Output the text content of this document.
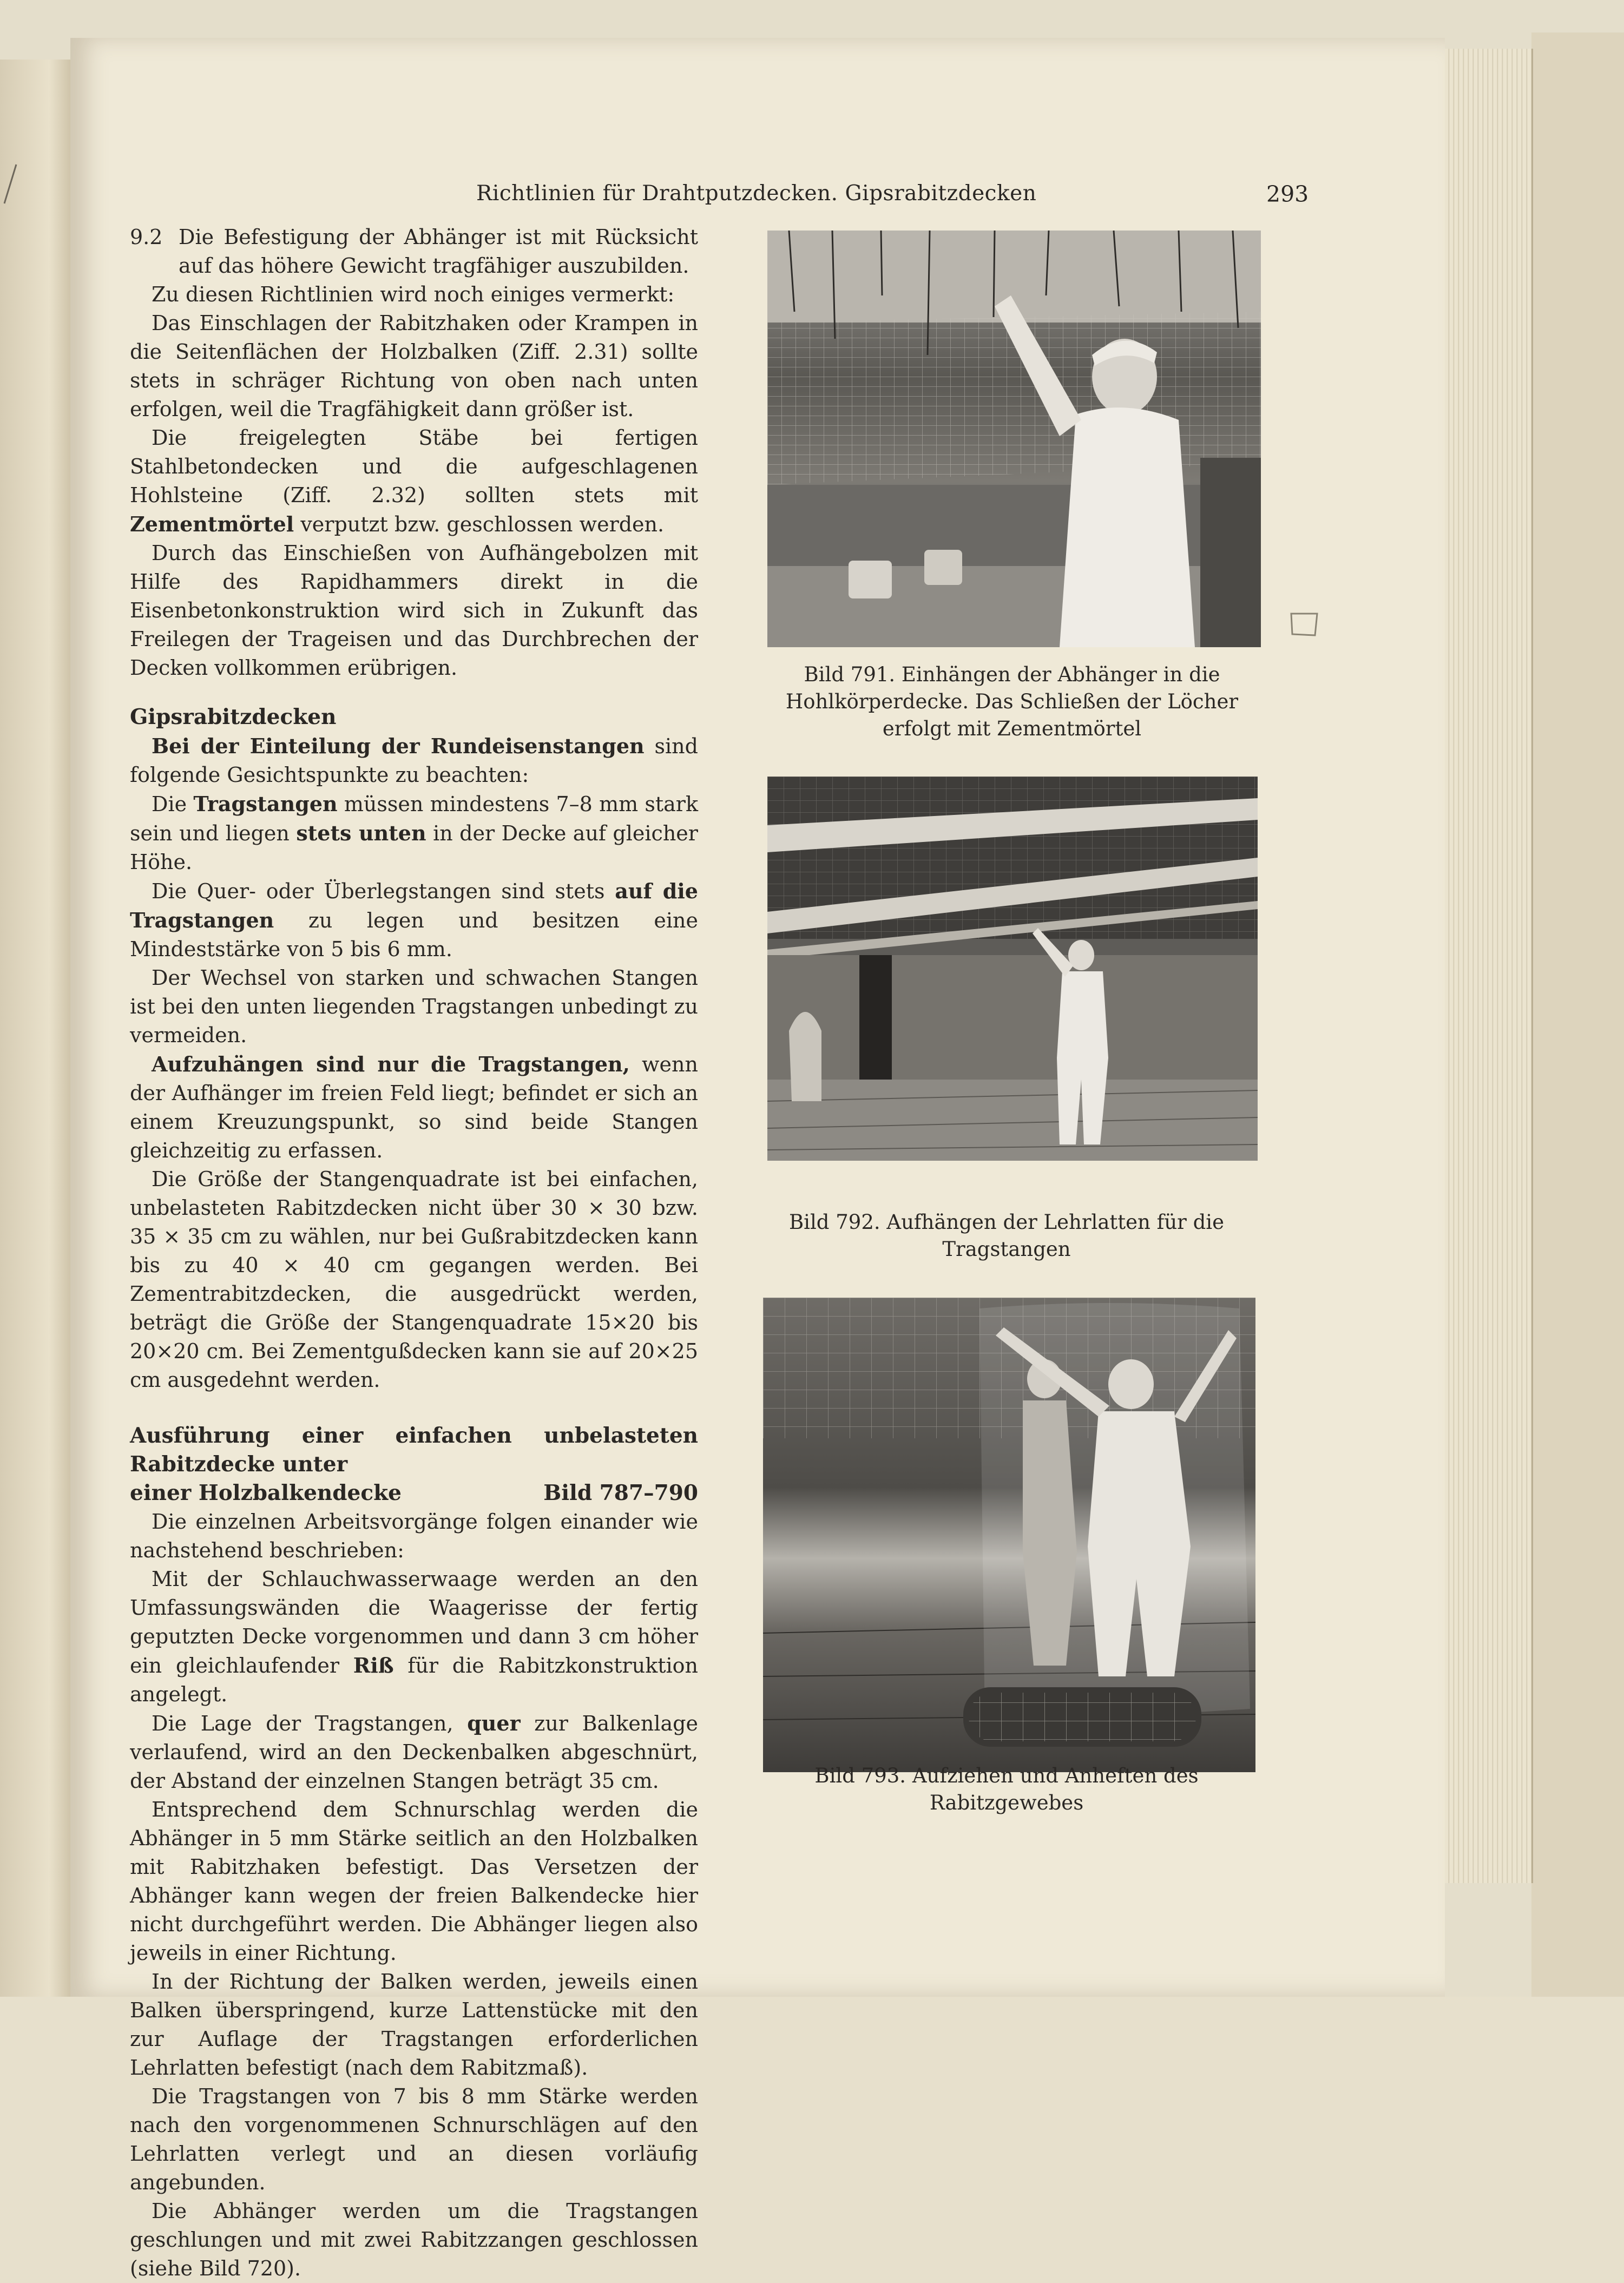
Richtlinien für Drahtputzdecken. Gipsrabitzdecken	293

9.2 Die Befestigung der Abhänger ist mit Rücksicht auf das höhere Gewicht tragfähiger auszubilden.

Zu diesen Richtlinien wird noch einiges vermerkt:

Das Einschlagen der Rabitzhaken oder Krampen in die Seitenflächen der Holzbalken (Ziff. 2.31) sollte stets in schräger Richtung von oben nach unten erfolgen, weil die Tragfähigkeit dann größer ist.

Die freigelegten Stäbe bei fertigen Stahlbetondecken und die aufgeschlagenen Hohlsteine (Ziff. 2.32) sollten stets mit Zementmörtel verputzt bzw. geschlossen werden.

Durch das Einschießen von Aufhängebolzen mit Hilfe des Rapidhammers direkt in die Eisenbetonkonstruktion wird sich in Zukunft das Freilegen der Trageisen und das Durchbrechen der Decken vollkommen erübrigen.

Gipsrabitzdecken

Bei der Einteilung der Rundeisenstangen sind folgende Gesichtspunkte zu beachten:

Die Tragstangen müssen mindestens 7–8 mm stark sein und liegen stets unten in der Decke auf gleicher Höhe.

Die Quer- oder Überlegstangen sind stets auf die Tragstangen zu legen und besitzen eine Mindeststärke von 5 bis 6 mm.

Der Wechsel von starken und schwachen Stangen ist bei den unten liegenden Tragstangen unbedingt zu vermeiden.

Aufzuhängen sind nur die Tragstangen, wenn der Aufhänger im freien Feld liegt; befindet er sich an einem Kreuzungspunkt, so sind beide Stangen gleichzeitig zu erfassen.

Die Größe der Stangenquadrate ist bei einfachen, unbelasteten Rabitzdecken nicht über 30 × 30 bzw. 35 × 35 cm zu wählen, nur bei Gußrabitzdecken kann bis zu 40 × 40 cm gegangen werden. Bei Zementrabitzdecken, die ausgedrückt werden, beträgt die Größe der Stangenquadrate 15×20 bis 20×20 cm. Bei Zementgußdecken kann sie auf 20×25 cm ausgedehnt werden.

Ausführung einer einfachen unbelasteten Rabitzdecke unter
einer Holzbalkendecke	Bild 787–790

Die einzelnen Arbeitsvorgänge folgen einander wie nachstehend beschrieben:

Mit der Schlauchwasserwaage werden an den Umfassungswänden die Waagerisse der fertig geputzten Decke vorgenommen und dann 3 cm höher ein gleichlaufender Riß für die Rabitzkonstruktion angelegt.

Die Lage der Tragstangen, quer zur Balkenlage verlaufend, wird an den Deckenbalken abgeschnürt, der Abstand der einzelnen Stangen beträgt 35 cm.

Entsprechend dem Schnurschlag werden die Abhänger in 5 mm Stärke seitlich an den Holzbalken mit Rabitzhaken befestigt. Das Versetzen der Abhänger kann wegen der freien Balkendecke hier nicht durchgeführt werden. Die Abhänger liegen also jeweils in einer Richtung.

In der Richtung der Balken werden, jeweils einen Balken überspringend, kurze Lattenstücke mit den zur Auflage der Tragstangen erforderlichen Lehrlatten befestigt (nach dem Rabitzmaß).

Die Tragstangen von 7 bis 8 mm Stärke werden nach den vorgenommenen Schnurschlägen auf den Lehrlatten verlegt und an diesen vorläufig angebunden.

Die Abhänger werden um die Tragstangen geschlungen und mit zwei Rabitzzangen geschlossen (siehe Bild 720).

Bild 791. Einhängen der Abhänger in die Hohlkörperdecke. Das Schließen der Löcher erfolgt mit Zementmörtel
Bild 792. Aufhängen der Lehrlatten für die Tragstangen
Bild 793. Aufziehen und Anheften des Rabitzgewebes
